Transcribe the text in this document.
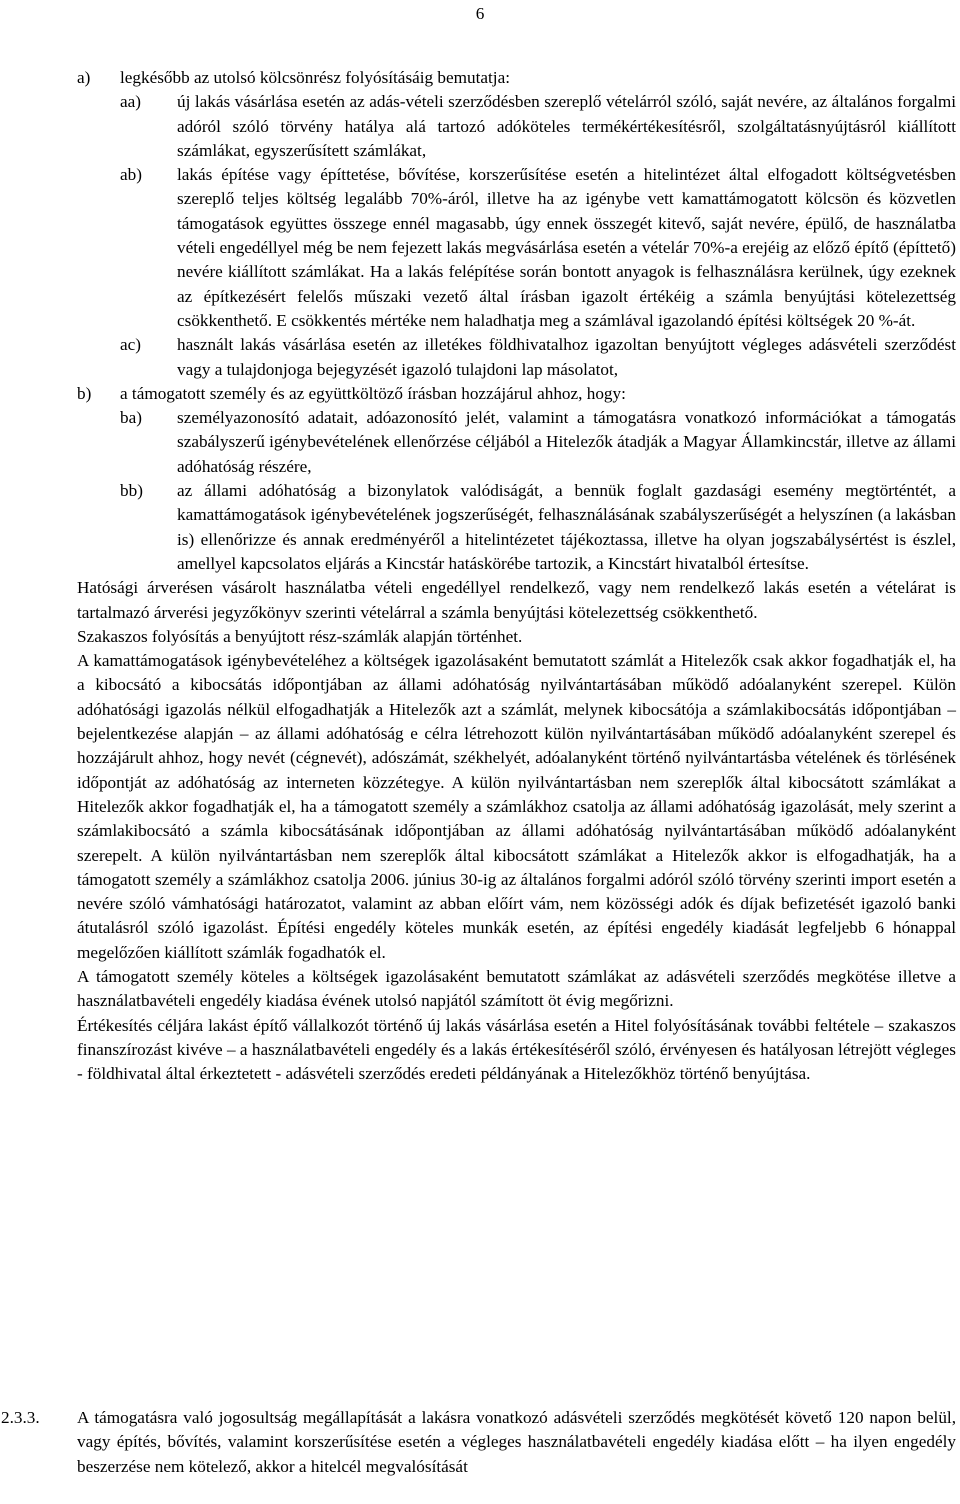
6
a)	legkésőbb az utolsó kölcsönrész folyósításáig bemutatja:
aa)	új lakás vásárlása esetén az adás-vételi szerződésben szereplő vételárról szóló, saját nevére, az általános forgalmi adóról szóló törvény hatálya alá tartozó adóköteles termékértékesítésről, szolgáltatásnyújtásról kiállított számlákat, egyszerűsített számlákat,
ab)	lakás építése vagy építtetése, bővítése, korszerűsítése esetén a hitelintézet által elfogadott költségvetésben szereplő teljes költség legalább 70%-áról, illetve ha az igénybe vett kamattámogatott kölcsön és közvetlen támogatások együttes összege ennél magasabb, úgy ennek összegét kitevő, saját nevére, épülő, de használatba vételi engedéllyel még be nem fejezett lakás megvásárlása esetén a vételár 70%-a erejéig az előző építő (építtető) nevére kiállított számlákat. Ha a lakás felépítése során bontott anyagok is felhasználásra kerülnek, úgy ezeknek az építkezésért felelős műszaki vezető által írásban igazolt értékéig a számla benyújtási kötelezettség csökkenthető. E csökkentés mértéke nem haladhatja meg a számlával igazolandó építési költségek 20 %-át.
ac)	használt lakás vásárlása esetén az illetékes földhivatalhoz igazoltan benyújtott végleges adásvételi szerződést vagy a tulajdonjoga bejegyzését igazoló tulajdoni lap másolatot,
b)	a támogatott személy és az együttköltöző írásban hozzájárul ahhoz, hogy:
ba)	személyazonosító adatait, adóazonosító jelét, valamint a támogatásra vonatkozó információkat a támogatás szabályszerű igénybevételének ellenőrzése céljából a Hitelezők átadják a Magyar Államkincstár, illetve az állami adóhatóság részére,
bb)	az állami adóhatóság a bizonylatok valódiságát, a bennük foglalt gazdasági esemény megtörténtét, a kamattámogatások igénybevételének jogszerűségét, felhasználásának szabályszerűségét a helyszínen (a lakásban is) ellenőrizze és annak eredményéről a hitelintézetet tájékoztassa, illetve ha olyan jogszabálysértést is észlel, amellyel kapcsolatos eljárás a Kincstár hatáskörébe tartozik, a Kincstárt hivatalból értesítse.

Hatósági árverésen vásárolt használatba vételi engedéllyel rendelkező, vagy nem rendelkező lakás esetén a vételárat is tartalmazó árverési jegyzőkönyv szerinti vételárral a számla benyújtási kötelezettség csökkenthető.

Szakaszos folyósítás a benyújtott rész-számlák alapján történhet.

A kamattámogatások igénybevételéhez a költségek igazolásaként bemutatott számlát a Hitelezők csak akkor fogadhatják el, ha a kibocsátó a kibocsátás időpontjában az állami adóhatóság nyilvántartásában működő adóalanyként szerepel. Külön adóhatósági igazolás nélkül elfogadhatják a Hitelezők azt a számlát, melynek kibocsátója a számlakibocsátás időpontjában – bejelentkezése alapján – az állami adóhatóság e célra létrehozott külön nyilvántartásában működő adóalanyként szerepel és hozzájárult ahhoz, hogy nevét (cégnevét), adószámát, székhelyét, adóalanyként történő nyilvántartásba vételének és törlésének időpontját az adóhatóság az interneten közzétegye. A külön nyilvántartásban nem szereplők által kibocsátott számlákat a Hitelezők akkor fogadhatják el, ha a támogatott személy a számlákhoz csatolja az állami adóhatóság igazolását, mely szerint a számlakibocsátó a számla kibocsátásának időpontjában az állami adóhatóság nyilvántartásában működő adóalanyként szerepelt. A külön nyilvántartásban nem szereplők által kibocsátott számlákat a Hitelezők akkor is elfogadhatják, ha a támogatott személy a számlákhoz csatolja 2006. június 30-ig az általános forgalmi adóról szóló törvény szerinti import esetén a nevére szóló vámhatósági határozatot, valamint az abban előírt vám, nem közösségi adók és díjak befizetését igazoló banki átutalásról szóló igazolást. Építési engedély köteles munkák esetén, az építési engedély kiadását legfeljebb 6 hónappal megelőzően kiállított számlák fogadhatók el.

A támogatott személy köteles a költségek igazolásaként bemutatott számlákat az adásvételi szerződés megkötése illetve a használatbavételi engedély kiadása évének utolsó napjától számított öt évig megőrizni.

Értékesítés céljára lakást építő vállalkozót történő új lakás vásárlása esetén a Hitel folyósításának további feltétele – szakaszos finanszírozást kivéve – a használatbavételi engedély és a lakás értékesítéséről szóló, érvényesen és hatályosan létrejött végleges - földhivatal által érkeztetett - adásvételi szerződés eredeti példányának a Hitelezőkhöz történő benyújtása.

2.3.3.	A támogatásra való jogosultság megállapítását a lakásra vonatkozó adásvételi szerződés megkötését követő 120 napon belül, vagy építés, bővítés, valamint korszerűsítése esetén a végleges használatbavételi engedély kiadása előtt – ha ilyen engedély beszerzése nem kötelező, akkor a hitelcél megvalósítását
